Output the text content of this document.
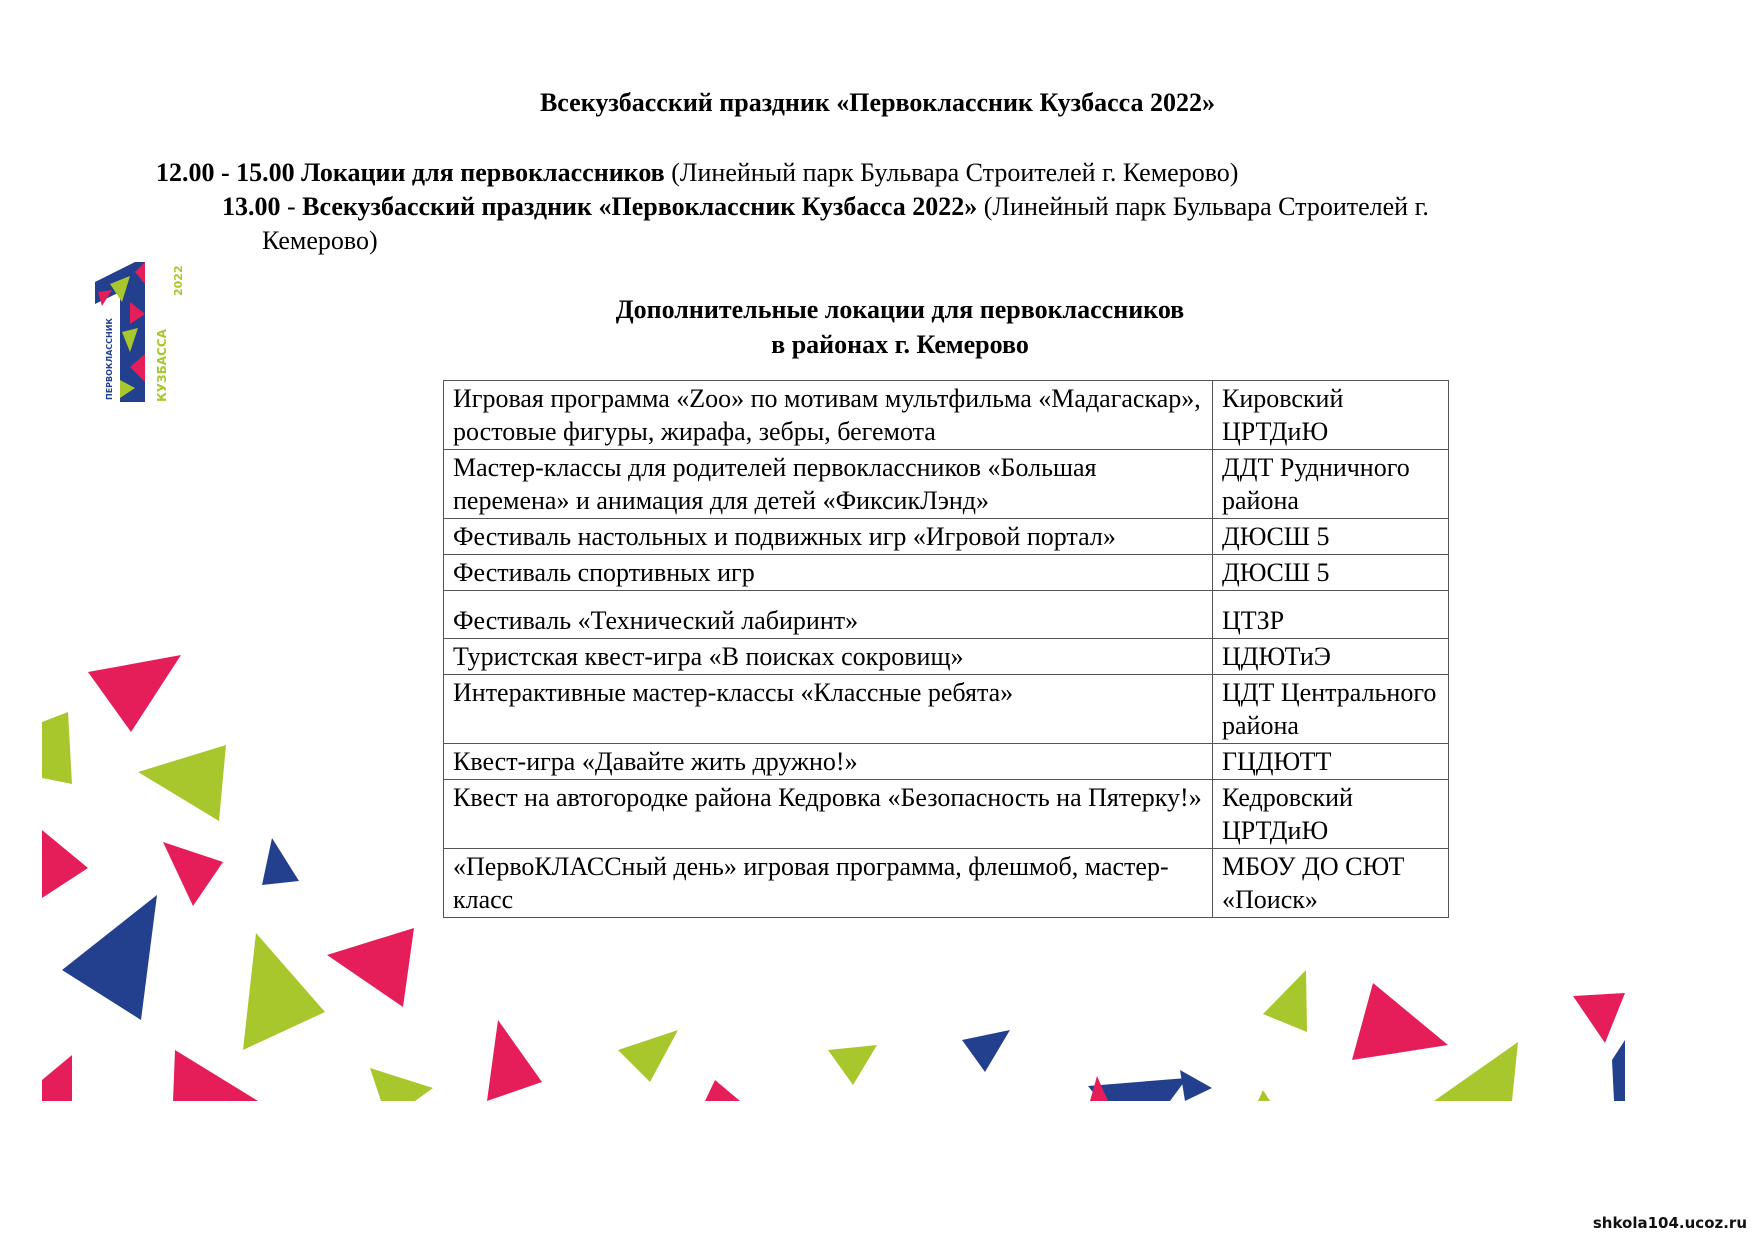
Всекузбасский праздник «Первоклассник Кузбасса 2022»
12.00 - 15.00 Локации для первоклассников (Линейный парк Бульвара Строителей г. Кемерово)
13.00 - Всекузбасский праздник «Первоклассник Кузбасса 2022» (Линейный парк Бульвара Строителей г.
Кемерово)
ПЕРВОКЛАССНИК	КУЗБАССА
2022
Дополнительные локации для первоклассников
в районах г. Кемерово
Игровая программа «Zoo» по мотивам мультфильма «Мадагаскар», ростовые фигуры, жирафа, зебры, бегемота	Кировский ЦРТДиЮ
Мастер-классы для родителей первоклассников «Большая перемена» и анимация для детей «ФиксикЛэнд»	ДДТ Рудничного района
Фестиваль настольных и подвижных игр «Игровой портал»	ДЮСШ 5
Фестиваль спортивных игр	ДЮСШ 5
Фестиваль «Технический лабиринт»	ЦТЗР
Туристская квест-игра «В поисках сокровищ»	ЦДЮТиЭ
Интерактивные мастер-классы «Классные ребята»	ЦДТ Центрального района
Квест-игра «Давайте жить дружно!»	ГЦДЮТТ
Квест на автогородке района Кедровка «Безопасность на Пятерку!»	Кедровский ЦРТДиЮ
«ПервоКЛАССный день» игровая программа, флешмоб, мастер-класс	МБОУ ДО СЮТ «Поиск»
shkola104.ucoz.ru
